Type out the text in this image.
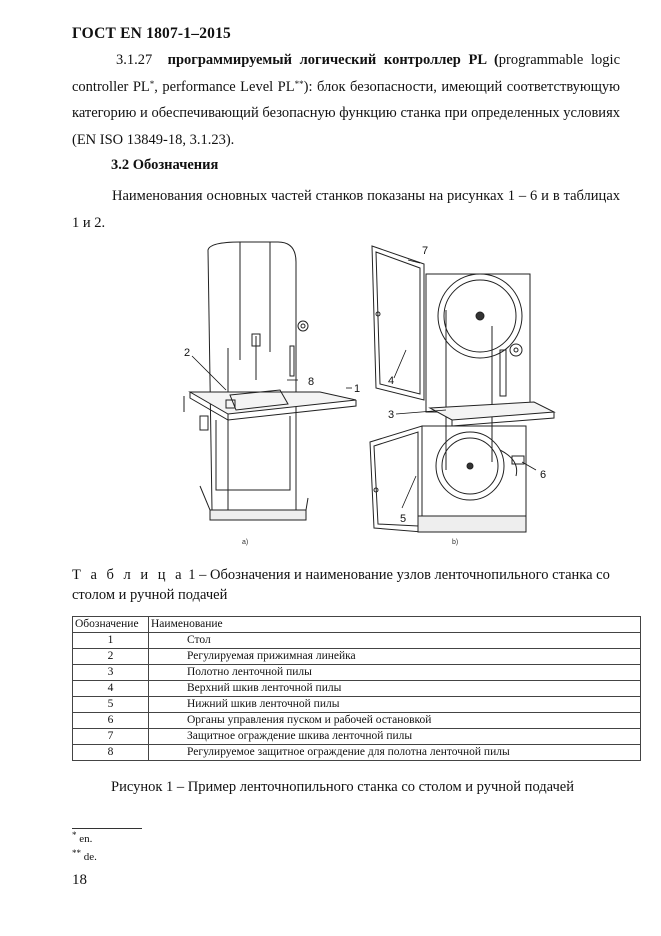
ГОСТ EN 1807-1–2015
3.1.27 программируемый логический контроллер PL (programmable logic controller PL*, performance Level PL**): блок безопасности, имеющий соответствующую категорию и обеспечивающий безопасную функцию станка при определенных условиях (EN ISO 13849-18, 3.1.23).
3.2 Обозначения
Наименования основных частей станков показаны на рисунках 1 – 6 и в таблицах 1 и 2.
1
2
3
4
5
6
7
8
а)	b)
Т а б л и ц а 1 – Обозначения и наименование узлов ленточнопильного станка со столом и ручной подачей
Обозначение	Наименование
1	Стол
2	Регулируемая прижимная линейка
3	Полотно ленточной пилы
4	Верхний шкив ленточной пилы
5	Нижний шкив ленточной пилы
6	Органы управления пуском и рабочей остановкой
7	Защитное ограждение шкива ленточной пилы
8	Регулируемое защитное ограждение для полотна ленточной пилы
Рисунок 1 – Пример ленточнопильного станка со столом и ручной подачей
* en.
** de.
18
